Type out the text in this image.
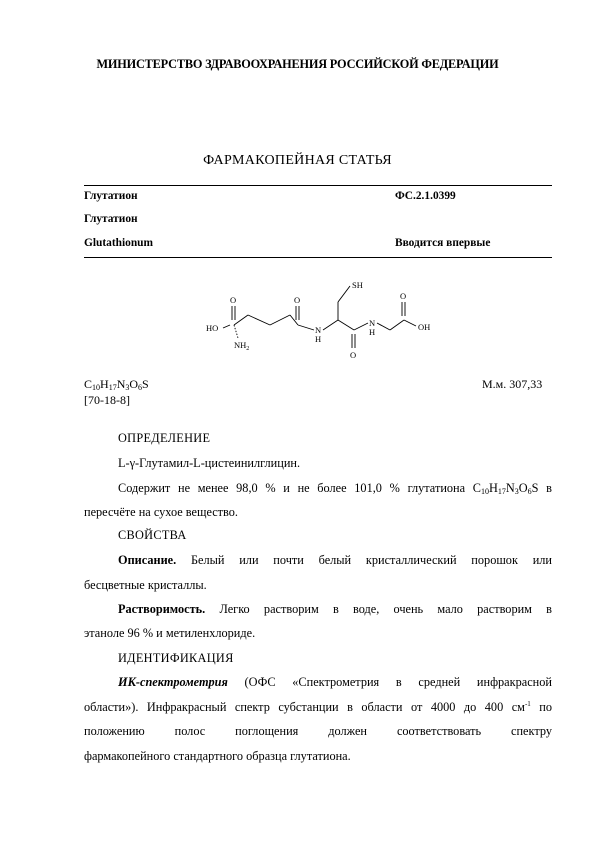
МИНИСТЕРСТВО ЗДРАВООХРАНЕНИЯ РОССИЙСКОЙ ФЕДЕРАЦИИ
ФАРМАКОПЕЙНАЯ СТАТЬЯ
Глутатион	ФС.2.1.0399
Глутатион
Glutathionum	Вводится впервые
SH
O	O	O
O
HO	OH
N
H
N
H
$NH_2$
$C_{10}H_{17}N_3O_6S$	М.м. 307,33
[70-18-8]
ОПРЕДЕЛЕНИЕ
L-γ-Глутамил-L-цистеинилглицин.
Содержит не менее 98,0 % и не более 101,0 % глутатиона $C_{10}H_{17}N_3O_6S$ в
пересчёте на сухое вещество.
СВОЙСТВА
Описание. Белый или почти белый кристаллический порошок или
бесцветные кристаллы.
Растворимость. Легко растворим в воде, очень мало растворим в
этаноле 96 % и метиленхлориде.
ИДЕНТИФИКАЦИЯ
ИК-спектрометрия (ОФС «Спектрометрия в средней инфракрасной
области»). Инфракрасный спектр субстанции в области от 4000 до 400 $см^{-1}$ по
положению полос поглощения должен соответствовать спектру
фармакопейного стандартного образца глутатиона.
